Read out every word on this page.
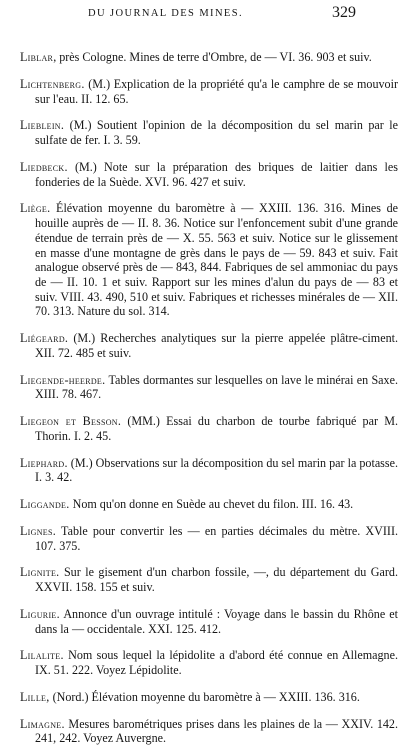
DU JOURNAL DES MINES.	329

Liblar, près Cologne. Mines de terre d'Ombre, de — VI. 36. 903 et suiv.

Lichtenberg. (M.) Explication de la propriété qu'a le camphre de se mouvoir sur l'eau. II. 12. 65.

Lieblein. (M.) Soutient l'opinion de la décomposition du sel marin par le sulfate de fer. I. 3. 59.

Liedbeck. (M.) Note sur la préparation des briques de laitier dans les fonderies de la Suède. XVI. 96. 427 et suiv.

Liège. Élévation moyenne du baromètre à — XXIII. 136. 316. Mines de houille auprès de — II. 8. 36. Notice sur l'enfoncement subit d'une grande étendue de terrain près de — X. 55. 563 et suiv. Notice sur le glissement en masse d'une montagne de grès dans le pays de — 59. 843 et suiv. Fait analogue observé près de — 843, 844. Fabriques de sel ammoniac du pays de — II. 10. 1 et suiv. Rapport sur les mines d'alun du pays de — 83 et suiv. VIII. 43. 490, 510 et suiv. Fabriques et richesses minérales de — XII. 70. 313. Nature du sol. 314.

Liégeard. (M.) Recherches analytiques sur la pierre appelée plâtre-ciment. XII. 72. 485 et suiv.

Liegende-heerde. Tables dormantes sur lesquelles on lave le minérai en Saxe. XIII. 78. 467.

Liegeon et Besson. (MM.) Essai du charbon de tourbe fabriqué par M. Thorin. I. 2. 45.

Liephard. (M.) Observations sur la décomposition du sel marin par la potasse. I. 3. 42.

Liggande. Nom qu'on donne en Suède au chevet du filon. III. 16. 43.

Lignes. Table pour convertir les — en parties décimales du mètre. XVIII. 107. 375.

Lignite. Sur le gisement d'un charbon fossile, —, du département du Gard. XXVII. 158. 155 et suiv.

Ligurie. Annonce d'un ouvrage intitulé : Voyage dans le bassin du Rhône et dans la — occidentale. XXI. 125. 412.

Lilalite. Nom sous lequel la lépidolite a d'abord été connue en Allemagne. IX. 51. 222. Voyez Lépidolite.

Lille, (Nord.) Élévation moyenne du baromètre à — XXIII. 136. 316.

Limagne. Mesures barométriques prises dans les plaines de la — XXIV. 142. 241, 242. Voyez Auvergne.
